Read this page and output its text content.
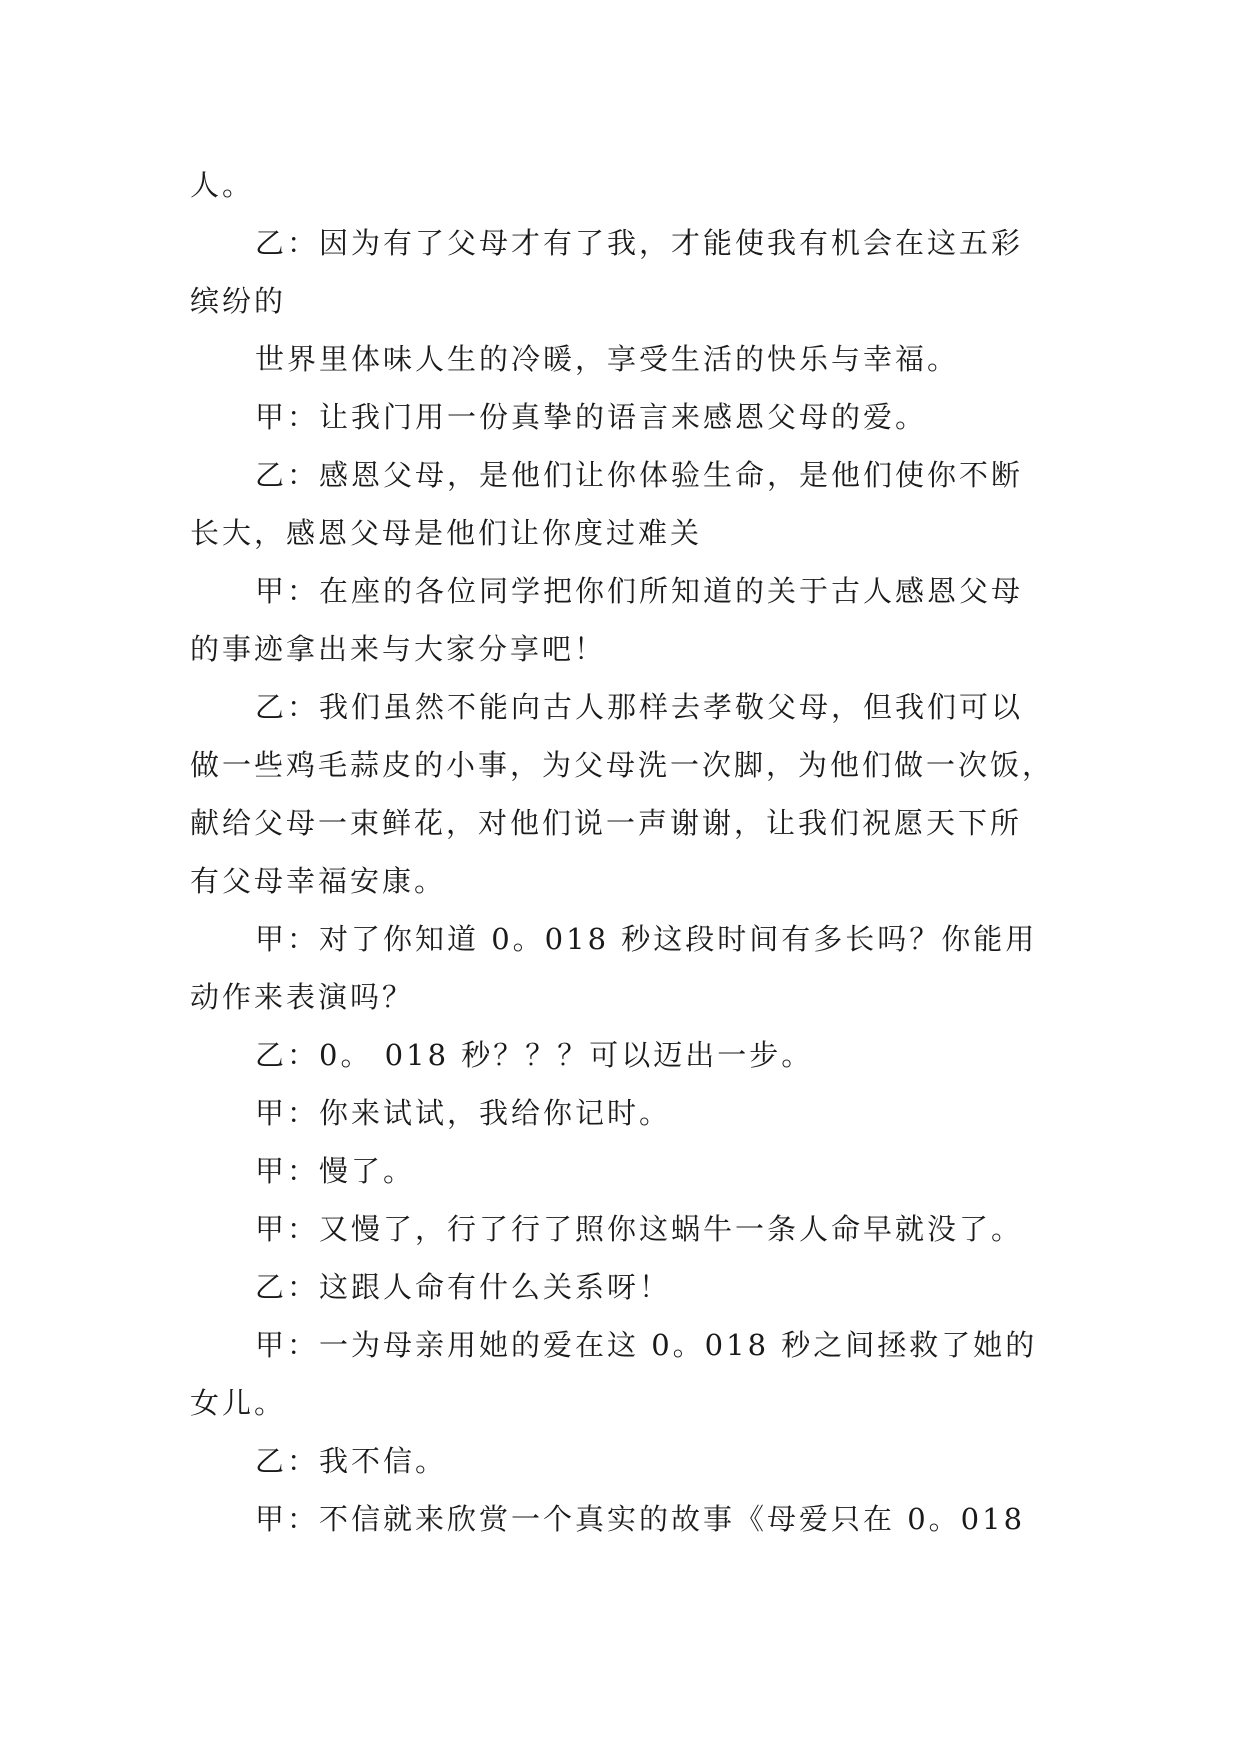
人。

乙：因为有了父母才有了我，才能使我有机会在这五彩

缤纷的

世界里体味人生的冷暖，享受生活的快乐与幸福。

甲：让我门用一份真挚的语言来感恩父母的爱。

乙：感恩父母，是他们让你体验生命，是他们使你不断

长大，感恩父母是他们让你度过难关

甲：在座的各位同学把你们所知道的关于古人感恩父母

的事迹拿出来与大家分享吧！

乙：我们虽然不能向古人那样去孝敬父母，但我们可以

做一些鸡毛蒜皮的小事，为父母洗一次脚，为他们做一次饭，

献给父母一束鲜花，对他们说一声谢谢，让我们祝愿天下所

有父母幸福安康。

甲：对了你知道 0。018 秒这段时间有多长吗？你能用

动作来表演吗？

乙：0。 018 秒？？？可以迈出一步。

甲：你来试试，我给你记时。

甲：慢了。

甲：又慢了，行了行了照你这蜗牛一条人命早就没了。

乙：这跟人命有什么关系呀！

甲：一为母亲用她的爱在这 0。018 秒之间拯救了她的

女儿。

乙：我不信。

甲：不信就来欣赏一个真实的故事《母爱只在 0。018
